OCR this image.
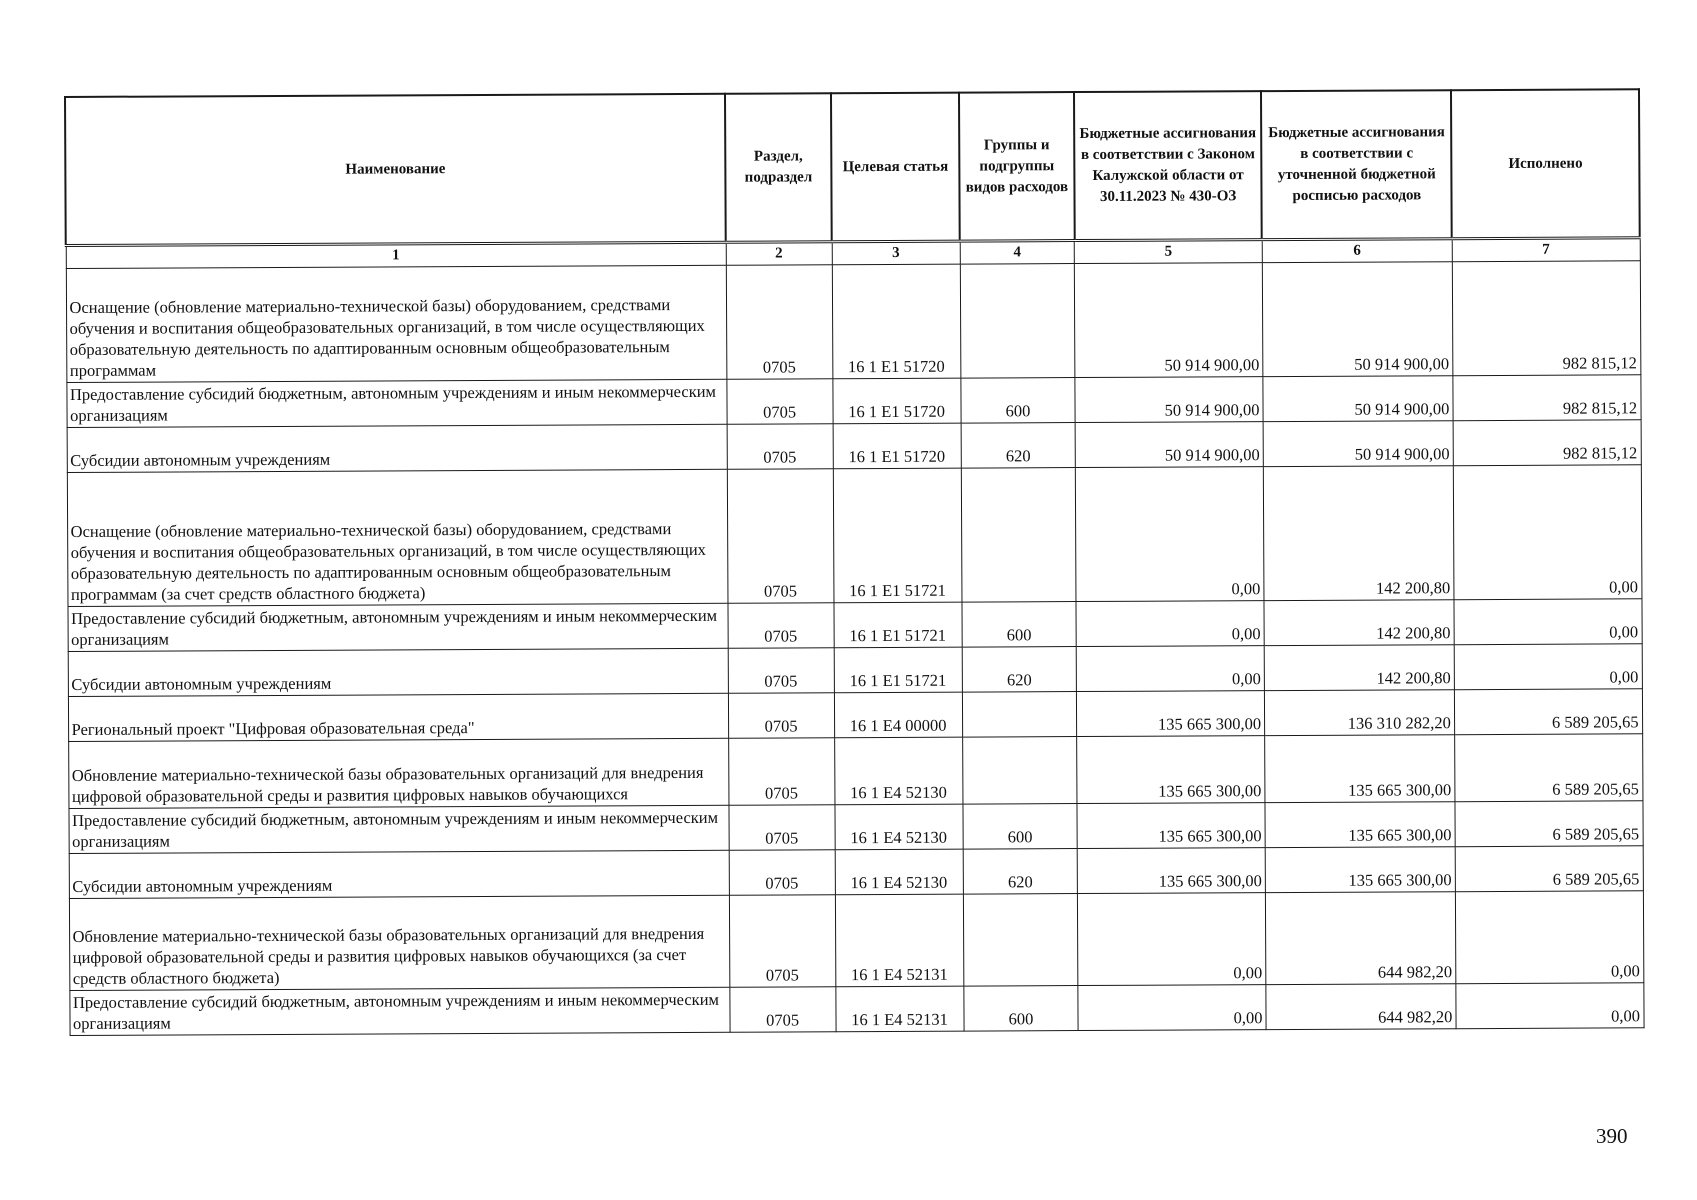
Наименование	Раздел, подраздел	Целевая статья	Группы и подгруппы видов расходов	Бюджетные ассигнования в соответствии с Законом Калужской области от 30.11.2023 № 430-ОЗ	Бюджетные ассигнования в соответствии с уточненной бюджетной росписью расходов	Исполнено
1	2	3	4	5	6	7
Оснащение (обновление материально-технической базы) оборудованием, средствами обучения и воспитания общеобразовательных организаций, в том числе осуществляющих образовательную деятельность по адаптированным основным общеобразовательным программам	0705	16 1 E1 51720		50 914 900,00	50 914 900,00	982 815,12
Предоставление субсидий бюджетным, автономным учреждениям и иным некоммерческим организациям	0705	16 1 E1 51720	600	50 914 900,00	50 914 900,00	982 815,12
Субсидии автономным учреждениям	0705	16 1 E1 51720	620	50 914 900,00	50 914 900,00	982 815,12
Оснащение (обновление материально-технической базы) оборудованием, средствами обучения и воспитания общеобразовательных организаций, в том числе осуществляющих образовательную деятельность по адаптированным основным общеобразовательным программам (за счет средств областного бюджета)	0705	16 1 E1 51721		0,00	142 200,80	0,00
Предоставление субсидий бюджетным, автономным учреждениям и иным некоммерческим организациям	0705	16 1 E1 51721	600	0,00	142 200,80	0,00
Субсидии автономным учреждениям	0705	16 1 E1 51721	620	0,00	142 200,80	0,00
Региональный проект "Цифровая образовательная среда"	0705	16 1 E4 00000		135 665 300,00	136 310 282,20	6 589 205,65
Обновление материально-технической базы образовательных организаций для внедрения цифровой образовательной среды и развития цифровых навыков обучающихся	0705	16 1 E4 52130		135 665 300,00	135 665 300,00	6 589 205,65
Предоставление субсидий бюджетным, автономным учреждениям и иным некоммерческим организациям	0705	16 1 E4 52130	600	135 665 300,00	135 665 300,00	6 589 205,65
Субсидии автономным учреждениям	0705	16 1 E4 52130	620	135 665 300,00	135 665 300,00	6 589 205,65
Обновление материально-технической базы образовательных организаций для внедрения цифровой образовательной среды и развития цифровых навыков обучающихся (за счет средств областного бюджета)	0705	16 1 E4 52131		0,00	644 982,20	0,00
Предоставление субсидий бюджетным, автономным учреждениям и иным некоммерческим организациям	0705	16 1 E4 52131	600	0,00	644 982,20	0,00
390
